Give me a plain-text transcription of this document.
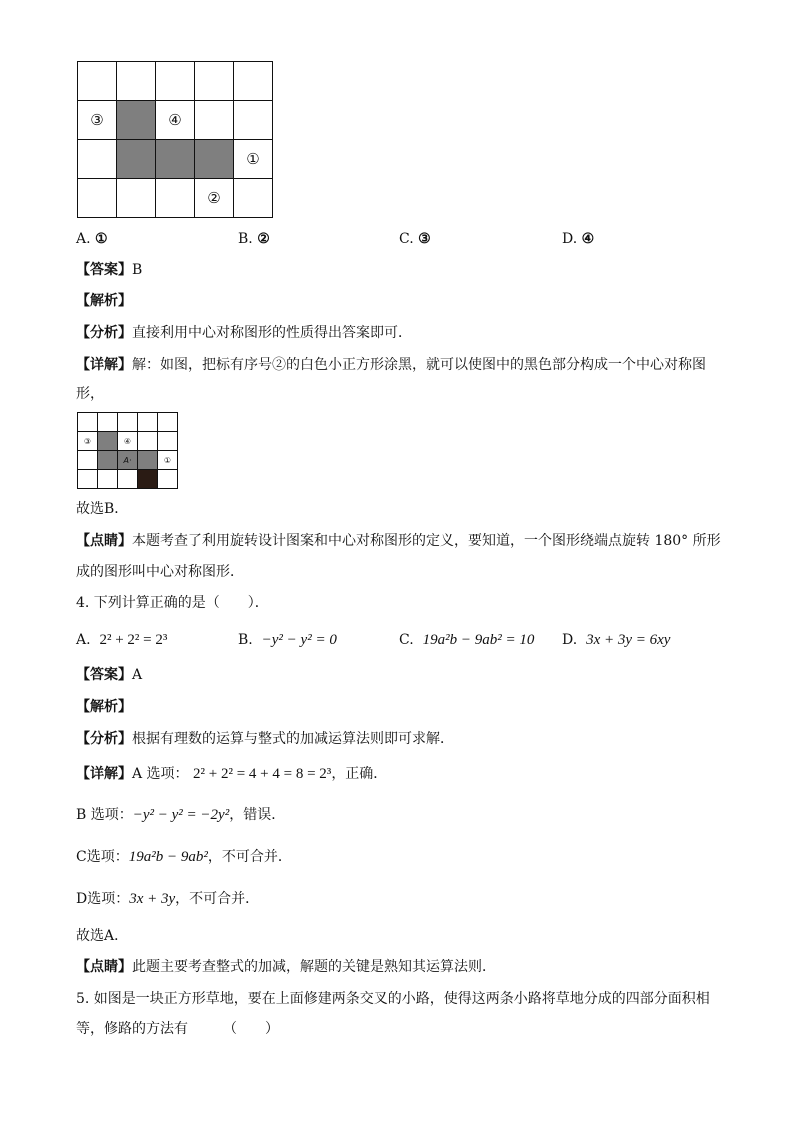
③		④		
				①
			②	
A. ①	B. ②	C. ③	D. ④
【答案】B
【解析】
【分析】直接利用中心对称图形的性质得出答案即可．
【详解】解：如图，把标有序号②的白色小正方形涂黑，就可以使图中的黑色部分构成一个中心对称图
形，

③		④		
		A·		①

故选B．
【点睛】本题考查了利用旋转设计图案和中心对称图形的定义，要知道，一个图形绕端点旋转 180° 所形
成的图形叫中心对称图形．
4. 下列计算正确的是（　　）．
A. 2² + 2² = 2³	B. −y² − y² = 0	C. 19a²b − 9ab² = 10 D. 3x + 3y = 6xy
【答案】A
【解析】
【分析】根据有理数的运算与整式的加减运算法则即可求解．
【详解】A 选项： 2² + 2² = 4 + 4 = 8 = 2³，正确．
B 选项：−y² − y² = −2y²，错误．
C选项：19a²b − 9ab²，不可合并．
D选项：3x + 3y，不可合并．
故选A．
【点睛】此题主要考查整式的加减，解题的关键是熟知其运算法则．
5. 如图是一块正方形草地，要在上面修建两条交叉的小路，使得这两条小路将草地分成的四部分面积相
等，修路的方法有　　　（　　）
